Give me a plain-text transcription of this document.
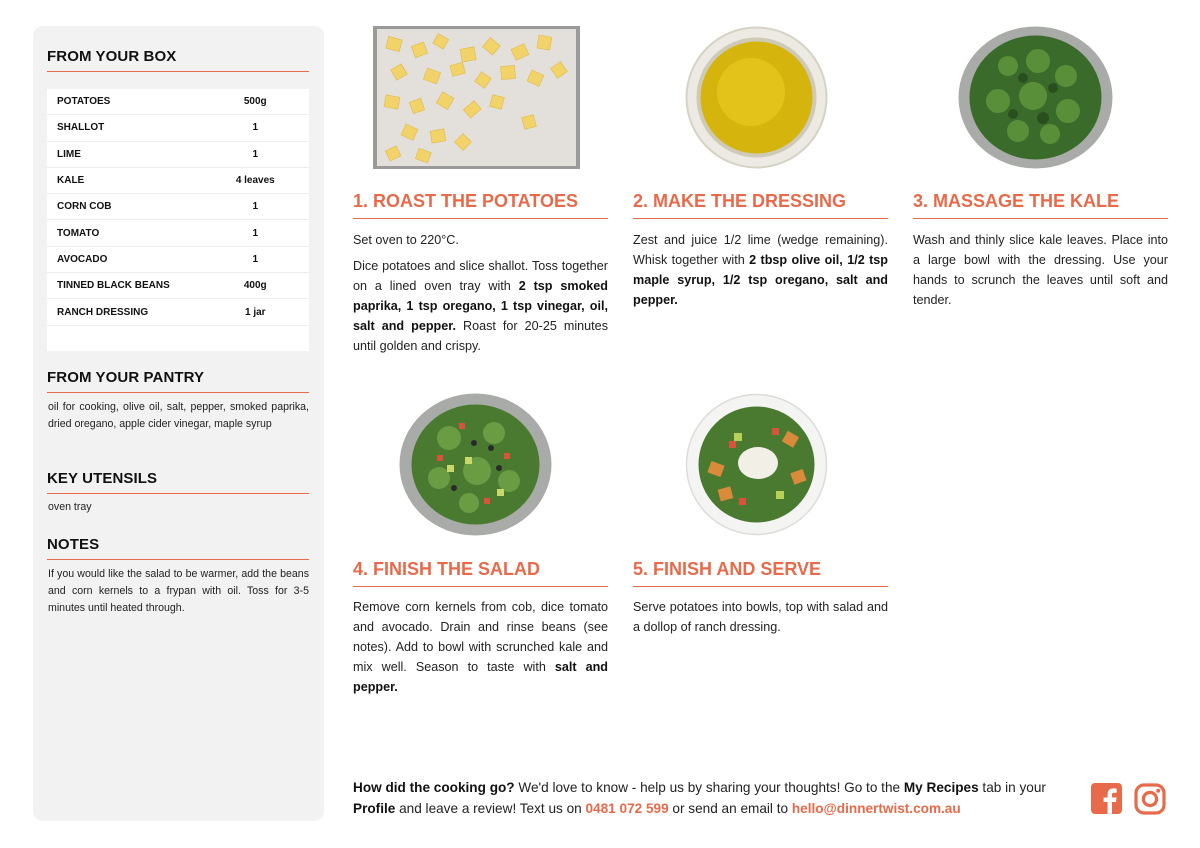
FROM YOUR BOX
POTATOES	500g
SHALLOT	1
LIME	1
KALE	4 leaves
CORN COB	1
TOMATO	1
AVOCADO	1
TINNED BLACK BEANS	400g
RANCH DRESSING	1 jar
FROM YOUR PANTRY
oil for cooking, olive oil, salt, pepper, smoked paprika, dried oregano, apple cider vinegar, maple syrup
KEY UTENSILS
oven tray
NOTES
If you would like the salad to be warmer, add the beans and corn kernels to a frypan with oil. Toss for 3-5 minutes until heated through.
1. ROAST THE POTATOES

Set oven to 220°C.

Dice potatoes and slice shallot. Toss together on a lined oven tray with 2 tsp smoked paprika, 1 tsp oregano, 1 tsp vinegar, oil, salt and pepper. Roast for 20-25 minutes until golden and crispy.

2. MAKE THE DRESSING

Zest and juice 1/2 lime (wedge remaining). Whisk together with 2 tbsp olive oil, 1/2 tsp maple syrup, 1/2 tsp oregano, salt and pepper.

3. MASSAGE THE KALE

Wash and thinly slice kale leaves. Place into a large bowl with the dressing. Use your hands to scrunch the leaves until soft and tender.

4. FINISH THE SALAD

Remove corn kernels from cob, dice tomato and avocado. Drain and rinse beans (see notes). Add to bowl with scrunched kale and mix well. Season to taste with salt and pepper.

5. FINISH AND SERVE

Serve potatoes into bowls, top with salad and a dollop of ranch dressing.

How did the cooking go? We'd love to know - help us by sharing your thoughts! Go to the My Recipes tab in your Profile and leave a review! Text us on 0481 072 599 or send an email to hello@dinnertwist.com.au
